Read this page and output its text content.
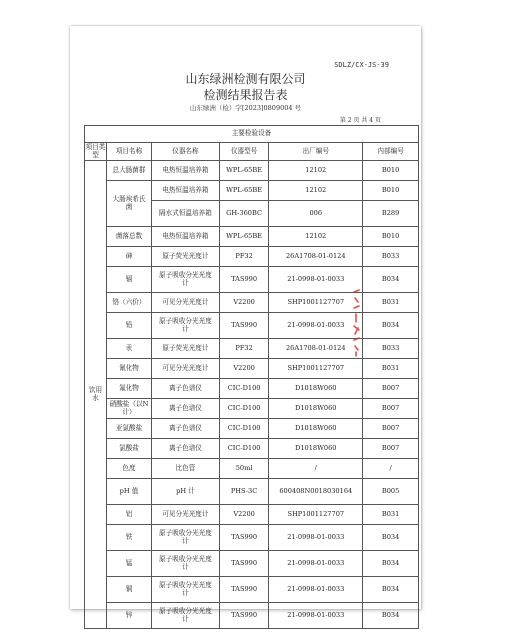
SDLZ/CX-JS-39
山东绿洲检测有限公司
检测结果报告表
山东绿洲（检）字[2023]0809004 号
第 2 页 共 4 页
主要检验设备					
项目类型	项目名称	仪器名称	仪器型号	出厂编号	内部编号
饮用水	总大肠菌群	电热恒温培养箱	WPL-65BE	12102	B010
	大肠埃希氏菌	电热恒温培养箱	WPL-65BE	12102	B010
		隔水式恒温培养箱	GH-360BC	006	B289
	菌落总数	电热恒温培养箱	WPL-65BE	12102	B010
	砷	原子荧光光度计	PF32	26A1708-01-0124	B033
	镉	原子吸收分光光度计	TAS990	21-0998-01-0033	B034
	铬（六价）	可见分光光度计	V2200	SHP1001127707	B031
	铅	原子吸收分光光度计	TAS990	21-0998-01-0033	B034
	汞	原子荧光光度计	PF32	26A1708-01-0124	B033
	氰化物	可见分光光度计	V2200	SHP1001127707	B031
	氟化物	离子色谱仪	CIC-D100	D1018W060	B007
	硝酸盐（以N计）	离子色谱仪	CIC-D100	D1018W060	B007
	亚氯酸盐	离子色谱仪	CIC-D100	D1018W060	B007
	氯酸盐	离子色谱仪	CIC-D100	D1018W060	B007
	色度	比色管	50ml	/	/
	pH 值	pH 计	PHS-3C	600408N0018030164	B005
	铝	可见分光光度计	V2200	SHP1001127707	B031
	铁	原子吸收分光光度计	TAS990	21-0998-01-0033	B034
	锰	原子吸收分光光度计	TAS990	21-0998-01-0033	B034
	铜	原子吸收分光光度计	TAS990	21-0998-01-0033	B034
	锌	原子吸收分光光度计	TAS990	21-0998-01-0033	B034
